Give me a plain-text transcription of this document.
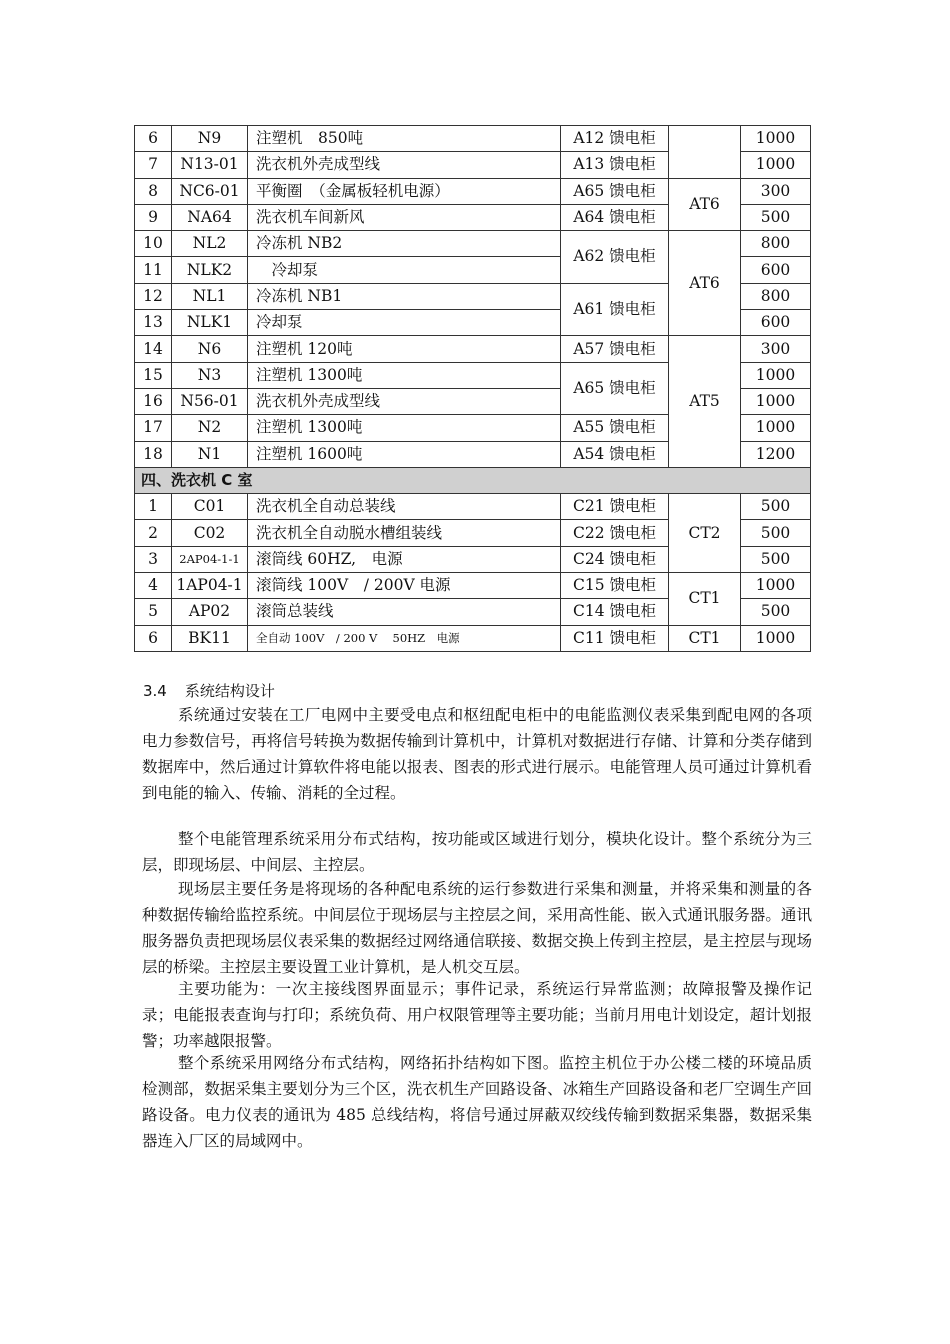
6	N9	注塑机　850吨	A12 馈电柜		1000
7	N13-01	洗衣机外壳成型线	A13 馈电柜		1000
8	NC6-01	平衡圈　（金属板轻机电源）	A65 馈电柜	AT6	300
9	NA64	洗衣机车间新风	A64 馈电柜		500
10	NL2	冷冻机 NB2	A62 馈电柜	AT6	800
11	NLK2	　冷却泵			600
12	NL1	冷冻机 NB1	A61 馈电柜		800
13	NLK1	冷却泵			600
14	N6	注塑机 120吨	A57 馈电柜	AT5	300
15	N3	注塑机 1300吨	A65 馈电柜		1000
16	N56-01	洗衣机外壳成型线			1000
17	N2	注塑机 1300吨	A55 馈电柜		1000
18	N1	注塑机 1600吨	A54 馈电柜		1200
四、洗衣机 C 室					
1	C01	洗衣机全自动总装线	C21 馈电柜	CT2	500
2	C02	洗衣机全自动脱水槽组装线	C22 馈电柜		500
3	2AP04-1-1	滚筒线 60HZ,　电源	C24 馈电柜		500
4	1AP04-1	滚筒线 100V　/ 200V 电源	C15 馈电柜	CT1	1000
5	AP02	滚筒总装线	C14 馈电柜		500
6	BK11	全自动 100V　/ 200 V　 50HZ　电源	C11 馈电柜	CT1	1000
3.4 系统结构设计

系统通过安装在工厂电网中主要受电点和枢纽配电柜中的电能监测仪表采集到配电网的各项电力参数信号，再将信号转换为数据传输到计算机中，计算机对数据进行存储、计算和分类存储到数据库中，然后通过计算软件将电能以报表、图表的形式进行展示。电能管理人员可通过计算机看到电能的输入、传输、消耗的全过程。

整个电能管理系统采用分布式结构，按功能或区域进行划分，模块化设计。整个系统分为三层，即现场层、中间层、主控层。

现场层主要任务是将现场的各种配电系统的运行参数进行采集和测量，并将采集和测量的各种数据传输给监控系统。中间层位于现场层与主控层之间，采用高性能、嵌入式通讯服务器。通讯服务器负责把现场层仪表采集的数据经过网络通信联接、数据交换上传到主控层，是主控层与现场层的桥梁。主控层主要设置工业计算机，是人机交互层。

主要功能为：一次主接线图界面显示；事件记录，系统运行异常监测；故障报警及操作记录；电能报表查询与打印；系统负荷、用户权限管理等主要功能；当前月用电计划设定，超计划报警；功率越限报警。

整个系统采用网络分布式结构，网络拓扑结构如下图。监控主机位于办公楼二楼的环境品质检测部，数据采集主要划分为三个区，洗衣机生产回路设备、冰箱生产回路设备和老厂空调生产回路设备。电力仪表的通讯为 485 总线结构，将信号通过屏蔽双绞线传输到数据采集器，数据采集器连入厂区的局域网中。
